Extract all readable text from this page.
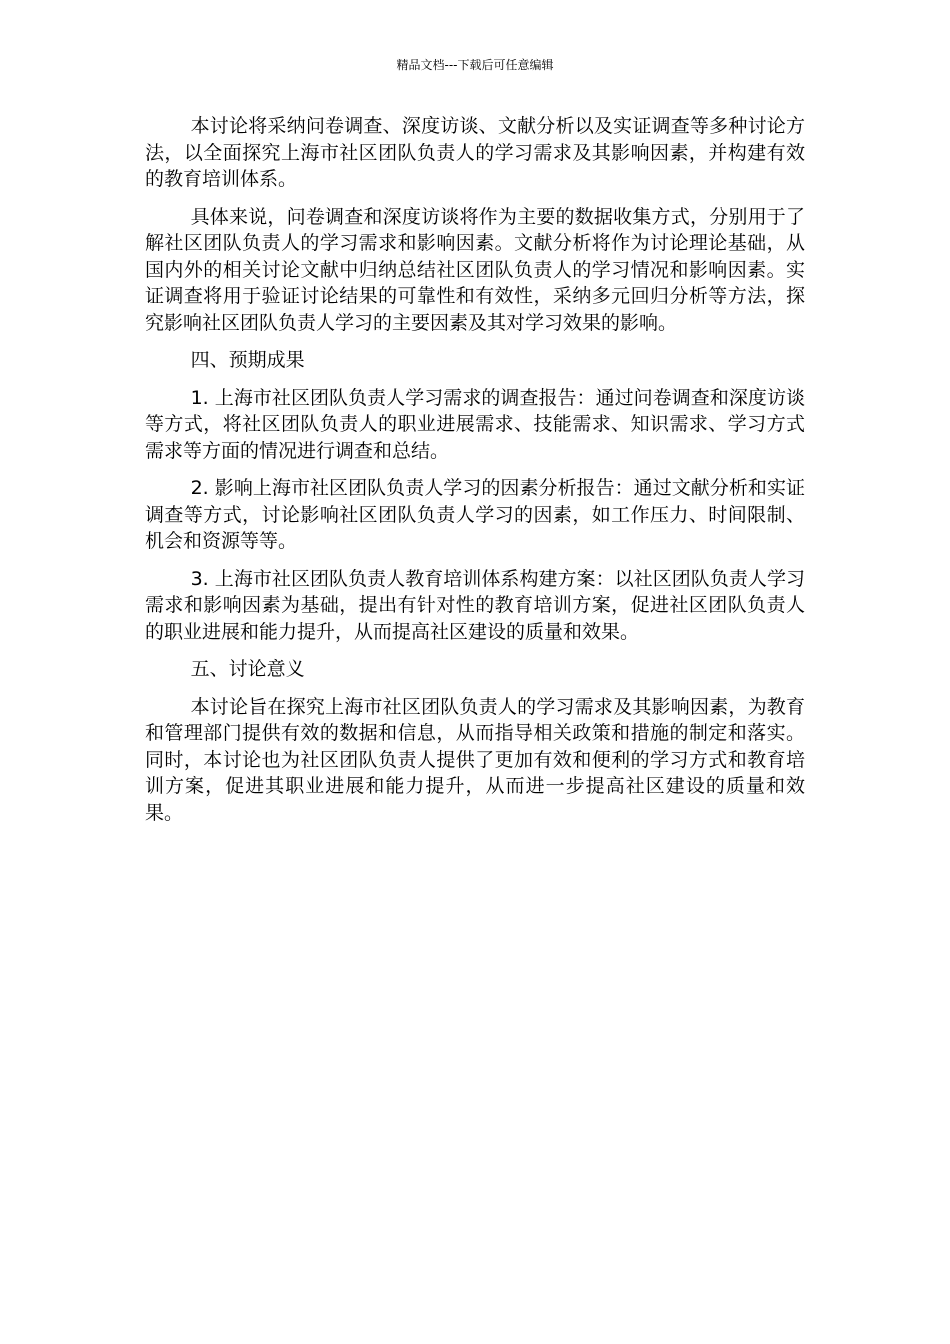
精品文档---下载后可任意编辑

本讨论将采纳问卷调查、深度访谈、文献分析以及实证调查等多种讨论方法，以全面探究上海市社区团队负责人的学习需求及其影响因素，并构建有效的教育培训体系。

具体来说，问卷调查和深度访谈将作为主要的数据收集方式，分别用于了解社区团队负责人的学习需求和影响因素。文献分析将作为讨论理论基础，从国内外的相关讨论文献中归纳总结社区团队负责人的学习情况和影响因素。实证调查将用于验证讨论结果的可靠性和有效性，采纳多元回归分析等方法，探究影响社区团队负责人学习的主要因素及其对学习效果的影响。

四、预期成果

1. 上海市社区团队负责人学习需求的调查报告：通过问卷调查和深度访谈等方式，将社区团队负责人的职业进展需求、技能需求、知识需求、学习方式需求等方面的情况进行调查和总结。

2. 影响上海市社区团队负责人学习的因素分析报告：通过文献分析和实证调查等方式，讨论影响社区团队负责人学习的因素，如工作压力、时间限制、机会和资源等等。

3. 上海市社区团队负责人教育培训体系构建方案：以社区团队负责人学习需求和影响因素为基础，提出有针对性的教育培训方案，促进社区团队负责人的职业进展和能力提升，从而提高社区建设的质量和效果。

五、讨论意义

本讨论旨在探究上海市社区团队负责人的学习需求及其影响因素，为教育和管理部门提供有效的数据和信息，从而指导相关政策和措施的制定和落实。同时，本讨论也为社区团队负责人提供了更加有效和便利的学习方式和教育培训方案，促进其职业进展和能力提升，从而进一步提高社区建设的质量和效果。
